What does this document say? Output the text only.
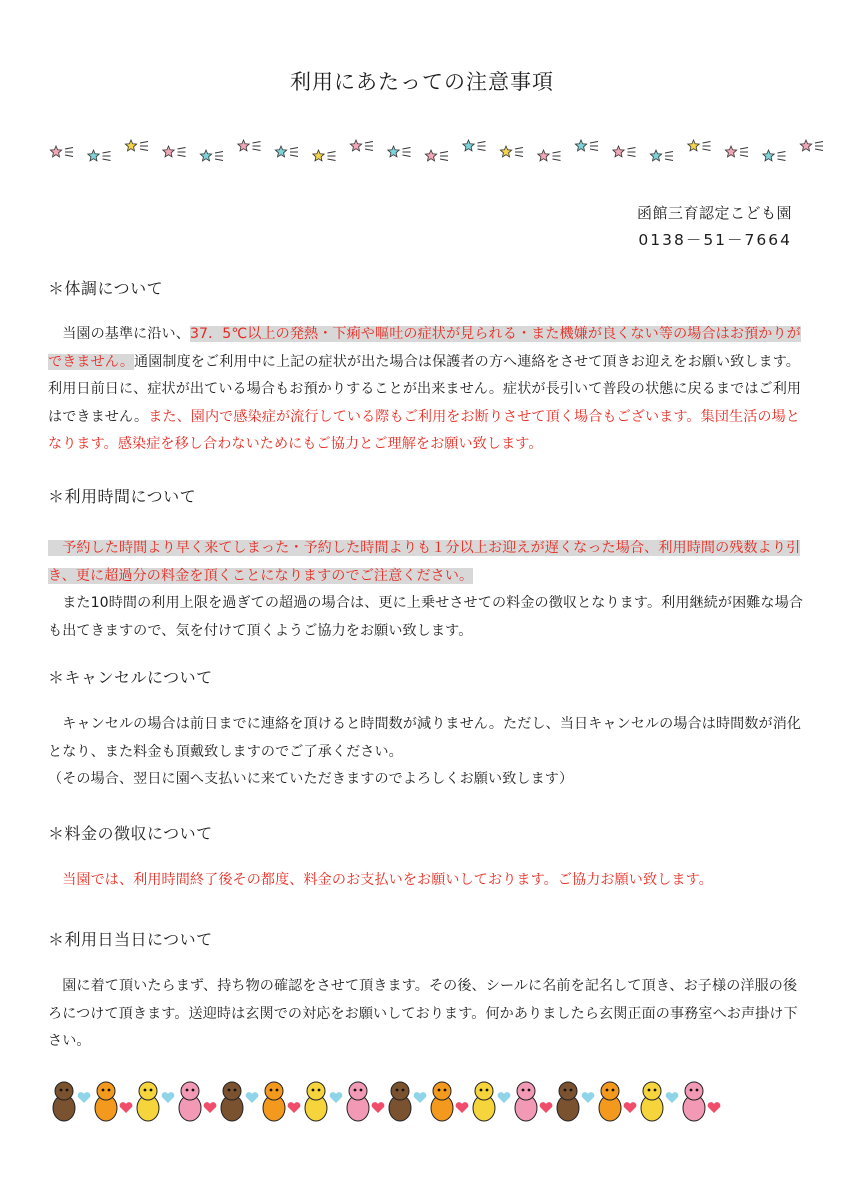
利用にあたっての注意事項
函館三育認定こども園
0138－51－7664
＊体調について

　当園の基準に沿い、37．5℃以上の発熱・下痢や嘔吐の症状が見られる・また機嫌が良くない等の場合はお預かりができません。通園制度をご利用中に上記の症状が出た場合は保護者の方へ連絡をさせて頂きお迎えをお願い致します。利用日前日に、症状が出ている場合もお預かりすることが出来ません。症状が長引いて普段の状態に戻るまではご利用はできません。また、園内で感染症が流行している際もご利用をお断りさせて頂く場合もございます。集団生活の場となります。感染症を移し合わないためにもご協力とご理解をお願い致します。

＊利用時間について

　予約した時間より早く来てしまった・予約した時間よりも１分以上お迎えが遅くなった場合、利用時間の残数より引き、更に超過分の料金を頂くことになりますのでご注意ください。
　また10時間の利用上限を過ぎての超過の場合は、更に上乗せさせての料金の徴収となります。利用継続が困難な場合も出てきますので、気を付けて頂くようご協力をお願い致します。

＊キャンセルについて

　キャンセルの場合は前日までに連絡を頂けると時間数が減りません。ただし、当日キャンセルの場合は時間数が消化となり、また料金も頂戴致しますのでご了承ください。
（その場合、翌日に園へ支払いに来ていただきますのでよろしくお願い致します）

＊料金の徴収について

　当園では、利用時間終了後その都度、料金のお支払いをお願いしております。ご協力お願い致します。

＊利用日当日について

　園に着て頂いたらまず、持ち物の確認をさせて頂きます。その後、シールに名前を記名して頂き、お子様の洋服の後ろにつけて頂きます。送迎時は玄関での対応をお願いしております。何かありましたら玄関正面の事務室へお声掛け下さい。
